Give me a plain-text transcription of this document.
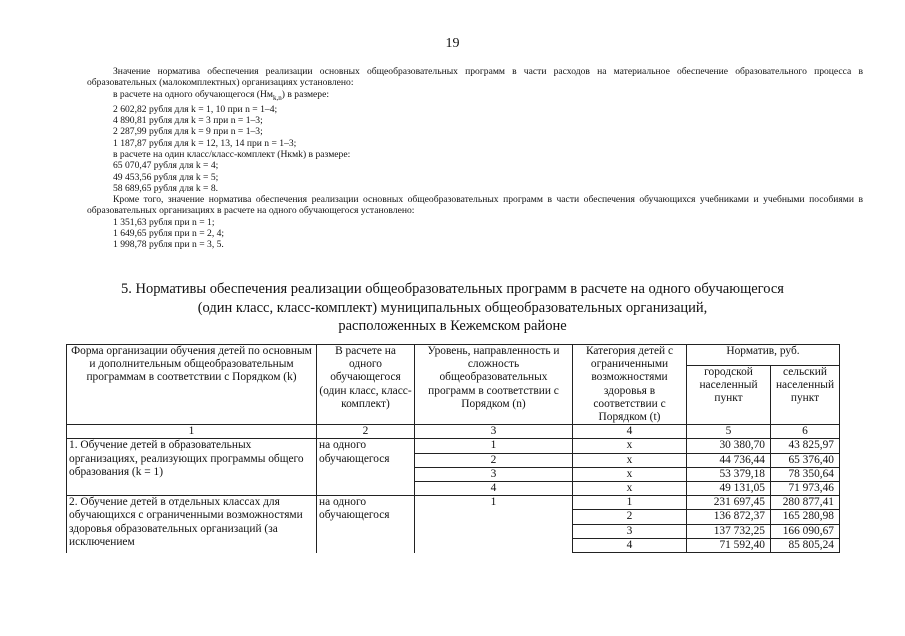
19

Значение норматива обеспечения реализации основных общеобразовательных программ в части расходов на материальное обеспечение образовательного процесса в образовательных (малокомплектных) организациях установлено:

в расчете на одного обучающегося $(Нм_{k,n})$ в размере:

2 602,82 рубля для k = 1, 10 при n = 1–4;

4 890,81 рубля для k = 3 при n = 1–3;

2 287,99 рубля для k = 9 при n = 1–3;

1 187,87 рубля для k = 12, 13, 14 при n = 1–3;

в расчете на один класс/класс-комплект (Нкмk) в размере:

65 070,47 рубля для k = 4;

49 453,56 рубля для k = 5;

58 689,65 рубля для k = 8.

Кроме того, значение норматива обеспечения реализации основных общеобразовательных программ в части обеспечения обучающихся учебниками и учебными пособиями в образовательных организациях в расчете на одного обучающегося установлено:

1 351,63 рубля при n = 1;

1 649,65 рубля при n = 2, 4;

1 998,78 рубля при n = 3, 5.

5. Нормативы обеспечения реализации общеобразовательных программ в расчете на одного обучающегося
(один класс, класс-комплект) муниципальных общеобразовательных организаций,
расположенных в Кежемском районе
Форма организации обучения детей по основным и дополнительным общеобразовательным программам в соответствии с Порядком (k)	В расчете на одного обучающегося (один класс, класс-комплект)	Уровень, направленность и сложность общеобразовательных программ в соответствии с Порядком (n)	Категория детей с ограниченными возможностями здоровья в соответствии с Порядком (t)	Норматив, руб.	
				городской населенный пункт	сельский населенный пункт
1	2	3	4	5	6
1. Обучение детей в образовательных организациях, реализующих программы общего образования (k = 1)	на одного обучающегося	1	x	30 380,70	43 825,97
		2	x	44 736,44	65 376,40
		3	x	53 379,18	78 350,64
		4	x	49 131,05	71 973,46
2. Обучение детей в отдельных классах для обучающихся с ограниченными возможностями здоровья образовательных организаций (за исключением	на одного обучающегося	1	1	231 697,45	280 877,41
			2	136 872,37	165 280,98
			3	137 732,25	166 090,67
			4	71 592,40	85 805,24
